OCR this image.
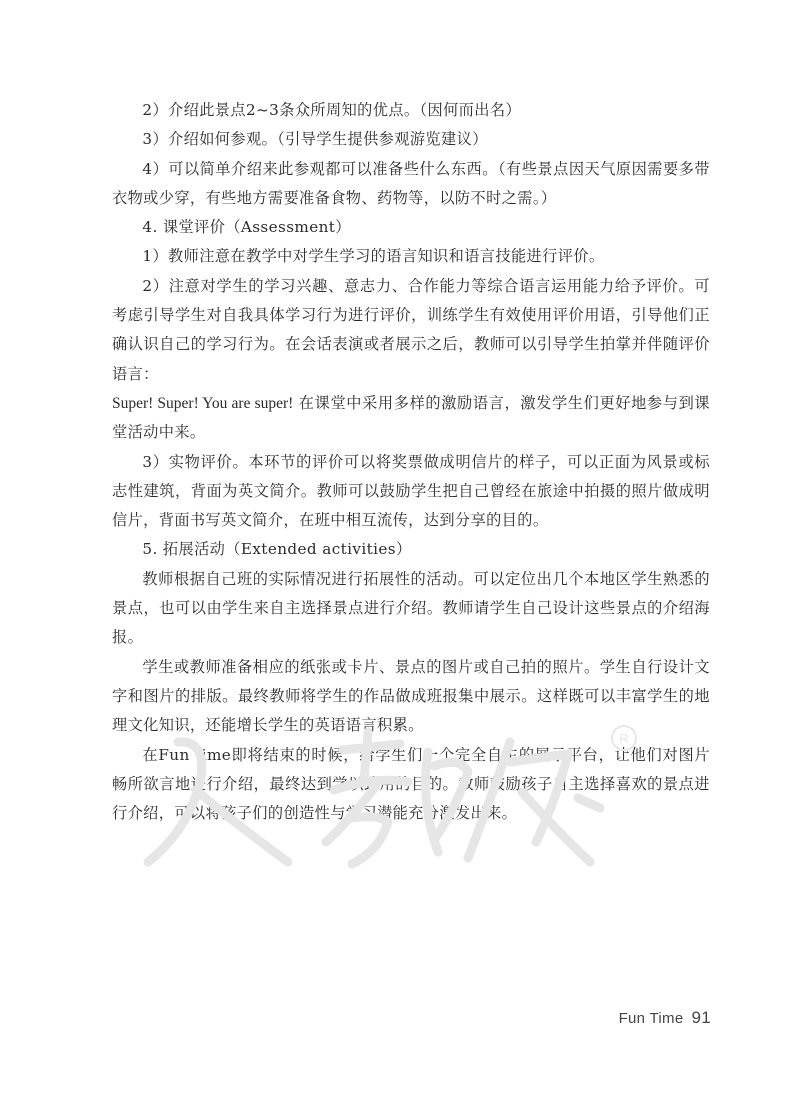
2）介绍此景点2~3条众所周知的优点。（因何而出名）

3）介绍如何参观。（引导学生提供参观游览建议）

4）可以简单介绍来此参观都可以准备些什么东西。（有些景点因天气原因需要多带衣物或少穿，有些地方需要准备食物、药物等，以防不时之需。）

4. 课堂评价（Assessment）

1）教师注意在教学中对学生学习的语言知识和语言技能进行评价。

2）注意对学生的学习兴趣、意志力、合作能力等综合语言运用能力给予评价。可考虑引导学生对自我具体学习行为进行评价，训练学生有效使用评价用语，引导他们正确认识自己的学习行为。在会话表演或者展示之后，教师可以引导学生拍掌并伴随评价语言：

Super! Super! You are super! 在课堂中采用多样的激励语言，激发学生们更好地参与到课堂活动中来。

3）实物评价。本环节的评价可以将奖票做成明信片的样子，可以正面为风景或标志性建筑，背面为英文简介。教师可以鼓励学生把自己曾经在旅途中拍摄的照片做成明信片，背面书写英文简介，在班中相互流传，达到分享的目的。

5. 拓展活动（Extended activities）

教师根据自己班的实际情况进行拓展性的活动。可以定位出几个本地区学生熟悉的景点，也可以由学生来自主选择景点进行介绍。教师请学生自己设计这些景点的介绍海报。

学生或教师准备相应的纸张或卡片、景点的图片或自己拍的照片。学生自行设计文字和图片的排版。最终教师将学生的作品做成班报集中展示。这样既可以丰富学生的地理文化知识，还能增长学生的英语语言积累。

在Fun time即将结束的时候，给学生们一个完全自主的展示平台，让他们对图片畅所欲言地进行介绍，最终达到学以致用的目的。教师鼓励孩子自主选择喜欢的景点进行介绍，可以将孩子们的创造性与学习潜能充分激发出来。

R
Fun Time 91
